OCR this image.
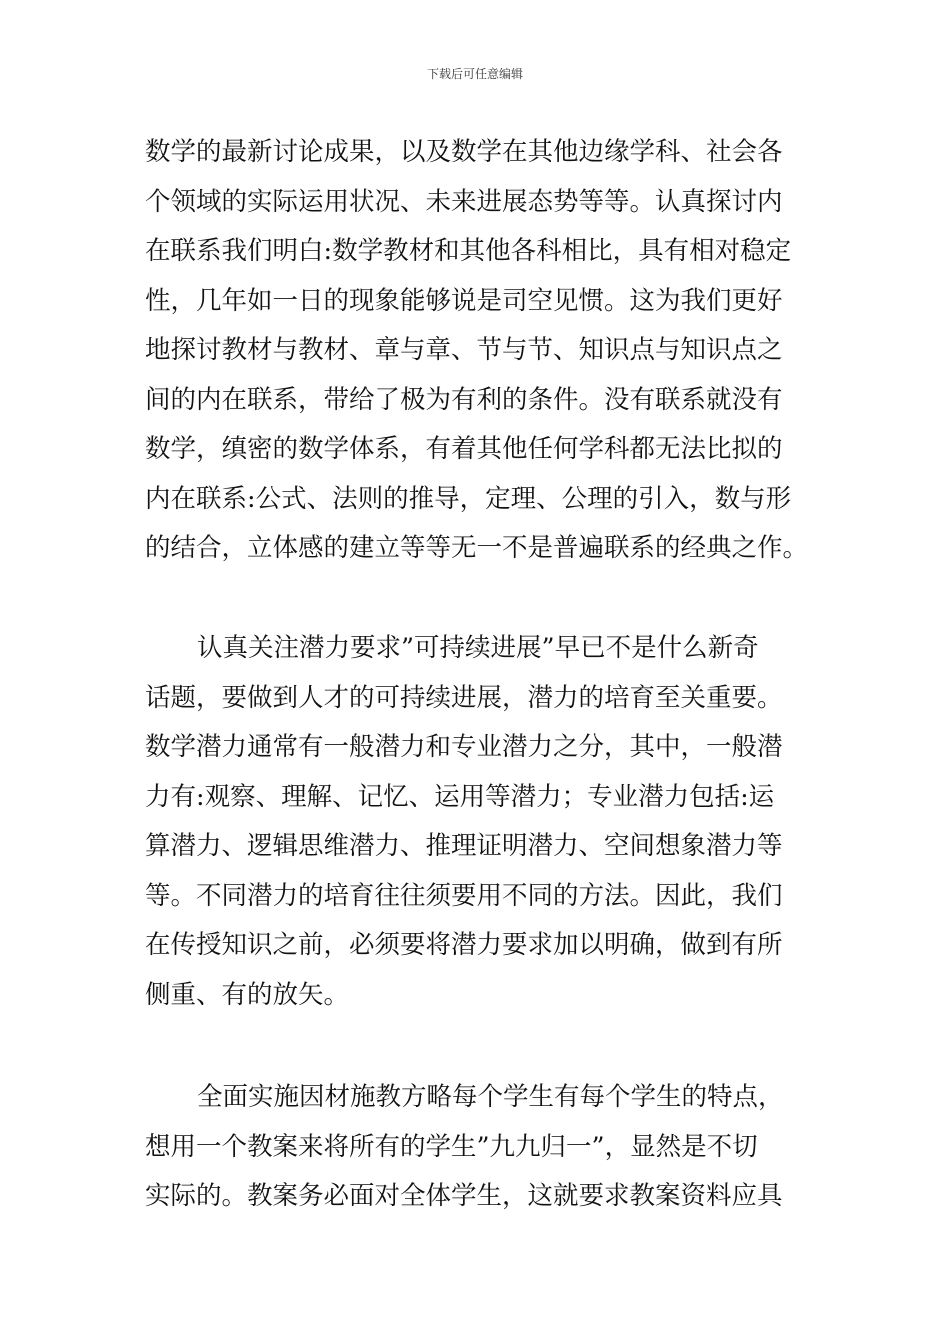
下载后可任意编辑
数学的最新讨论成果，以及数学在其他边缘学科、社会各
个领域的实际运用状况、未来进展态势等等。认真探讨内
在联系我们明白:数学教材和其他各科相比，具有相对稳定
性，几年如一日的现象能够说是司空见惯。这为我们更好
地探讨教材与教材、章与章、节与节、知识点与知识点之
间的内在联系，带给了极为有利的条件。没有联系就没有
数学，缜密的数学体系，有着其他任何学科都无法比拟的
内在联系:公式、法则的推导，定理、公理的引入，数与形
的结合，立体感的建立等等无一不是普遍联系的经典之作。
认真关注潜力要求”可持续进展”早已不是什么新奇
话题，要做到人才的可持续进展，潜力的培育至关重要。
数学潜力通常有一般潜力和专业潜力之分，其中，一般潜
力有:观察、理解、记忆、运用等潜力；专业潜力包括:运
算潜力、逻辑思维潜力、推理证明潜力、空间想象潜力等
等。不同潜力的培育往往须要用不同的方法。因此，我们
在传授知识之前，必须要将潜力要求加以明确，做到有所
侧重、有的放矢。
全面实施因材施教方略每个学生有每个学生的特点，
想用一个教案来将所有的学生”九九归一”，显然是不切
实际的。教案务必面对全体学生，这就要求教案资料应具
